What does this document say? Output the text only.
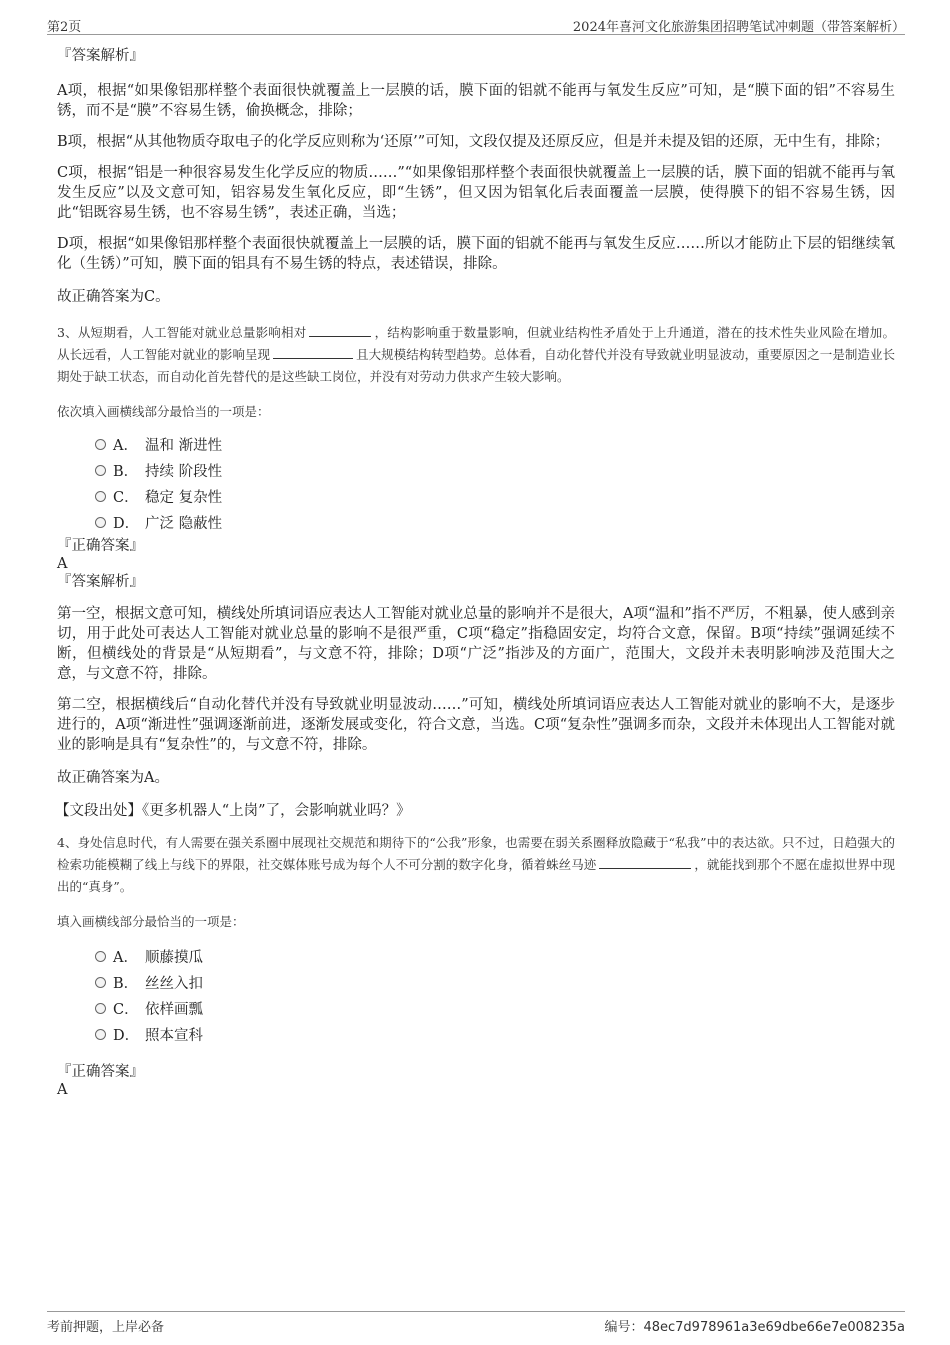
第2页	2024年喜河文化旅游集团招聘笔试冲刺题（带答案解析）

『答案解析』

A项，根据“如果像铝那样整个表面很快就覆盖上一层膜的话，膜下面的铝就不能再与氧发生反应”可知，是“膜下面的铝”不容易生锈，而不是“膜”不容易生锈，偷换概念，排除；

B项，根据“从其他物质夺取电子的化学反应则称为‘还原’”可知，文段仅提及还原反应，但是并未提及铝的还原，无中生有，排除；

C项，根据“铝是一种很容易发生化学反应的物质……”“如果像铝那样整个表面很快就覆盖上一层膜的话，膜下面的铝就不能再与氧发生反应”以及文意可知，铝容易发生氧化反应，即“生锈”，但又因为铝氧化后表面覆盖一层膜，使得膜下的铝不容易生锈，因此“铝既容易生锈，也不容易生锈”，表述正确，当选；

D项，根据“如果像铝那样整个表面很快就覆盖上一层膜的话，膜下面的铝就不能再与氧发生反应……所以才能防止下层的铝继续氧化（生锈）”可知，膜下面的铝具有不易生锈的特点，表述错误，排除。

故正确答案为C。

3、从短期看，人工智能对就业总量影响相对	，结构影响重于数量影响，但就业结构性矛盾处于上升通道，潜在的技术性失业风险在增加。从长远看，人工智能对就业的影响呈现	且大规模结构转型趋势。总体看，自动化替代并没有导致就业明显波动，重要原因之一是制造业长期处于缺工状态，而自动化首先替代的是这些缺工岗位，并没有对劳动力供求产生较大影响。

依次填入画横线部分最恰当的一项是：

A． 温和 渐进性
B． 持续 阶段性
C． 稳定 复杂性
D． 广泛 隐蔽性

『正确答案』

A

『答案解析』

第一空，根据文意可知，横线处所填词语应表达人工智能对就业总量的影响并不是很大，A项“温和”指不严厉，不粗暴，使人感到亲切，用于此处可表达人工智能对就业总量的影响不是很严重，C项“稳定”指稳固安定，均符合文意，保留。B项“持续”强调延续不断，但横线处的背景是“从短期看”，与文意不符，排除；D项“广泛”指涉及的方面广，范围大，文段并未表明影响涉及范围大之意，与文意不符，排除。

第二空，根据横线后“自动化替代并没有导致就业明显波动……”可知，横线处所填词语应表达人工智能对就业的影响不大，是逐步进行的，A项“渐进性”强调逐渐前进，逐渐发展或变化，符合文意，当选。C项“复杂性”强调多而杂，文段并未体现出人工智能对就业的影响是具有“复杂性”的，与文意不符，排除。

故正确答案为A。

【文段出处】《更多机器人“上岗”了，会影响就业吗？》

4、身处信息时代，有人需要在强关系圈中展现社交规范和期待下的“公我”形象，也需要在弱关系圈释放隐藏于“私我”中的表达欲。只不过，日趋强大的检索功能模糊了线上与线下的界限，社交媒体账号成为每个人不可分割的数字化身，循着蛛丝马迹	，就能找到那个不愿在虚拟世界中现出的“真身”。

填入画横线部分最恰当的一项是：

A． 顺藤摸瓜
B． 丝丝入扣
C． 依样画瓢
D． 照本宣科

『正确答案』

A

考前押题，上岸必备	编号：48ec7d978961a3e69dbe66e7e008235a
